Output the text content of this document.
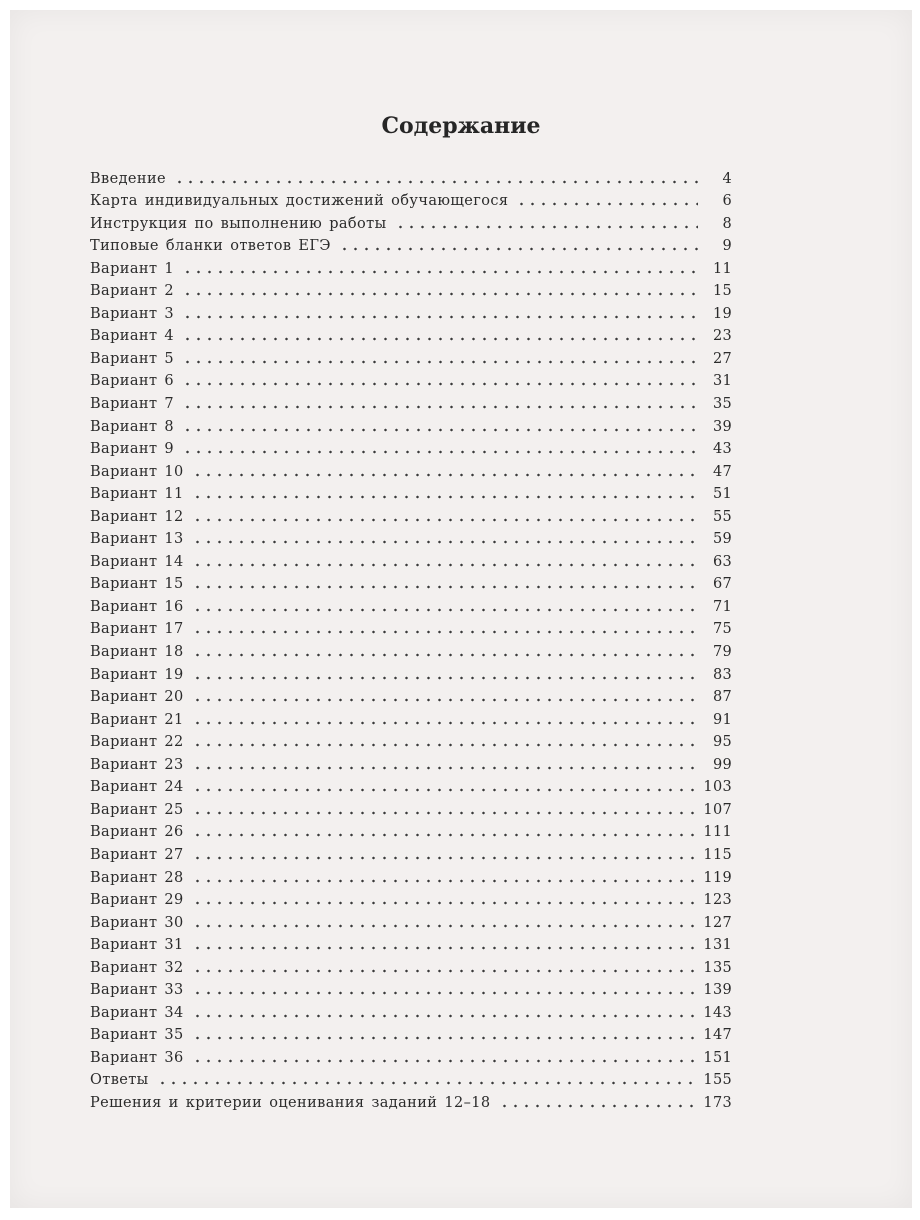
Содержание
Введение	4
Карта индивидуальных достижений обучающегося	6
Инструкция по выполнению работы	8
Типовые бланки ответов ЕГЭ	9
Вариант 1	11
Вариант 2	15
Вариант 3	19
Вариант 4	23
Вариант 5	27
Вариант 6	31
Вариант 7	35
Вариант 8	39
Вариант 9	43
Вариант 10	47
Вариант 11	51
Вариант 12	55
Вариант 13	59
Вариант 14	63
Вариант 15	67
Вариант 16	71
Вариант 17	75
Вариант 18	79
Вариант 19	83
Вариант 20	87
Вариант 21	91
Вариант 22	95
Вариант 23	99
Вариант 24	103
Вариант 25	107
Вариант 26	111
Вариант 27	115
Вариант 28	119
Вариант 29	123
Вариант 30	127
Вариант 31	131
Вариант 32	135
Вариант 33	139
Вариант 34	143
Вариант 35	147
Вариант 36	151
Ответы	155
Решения и критерии оценивания заданий 12–18	173
